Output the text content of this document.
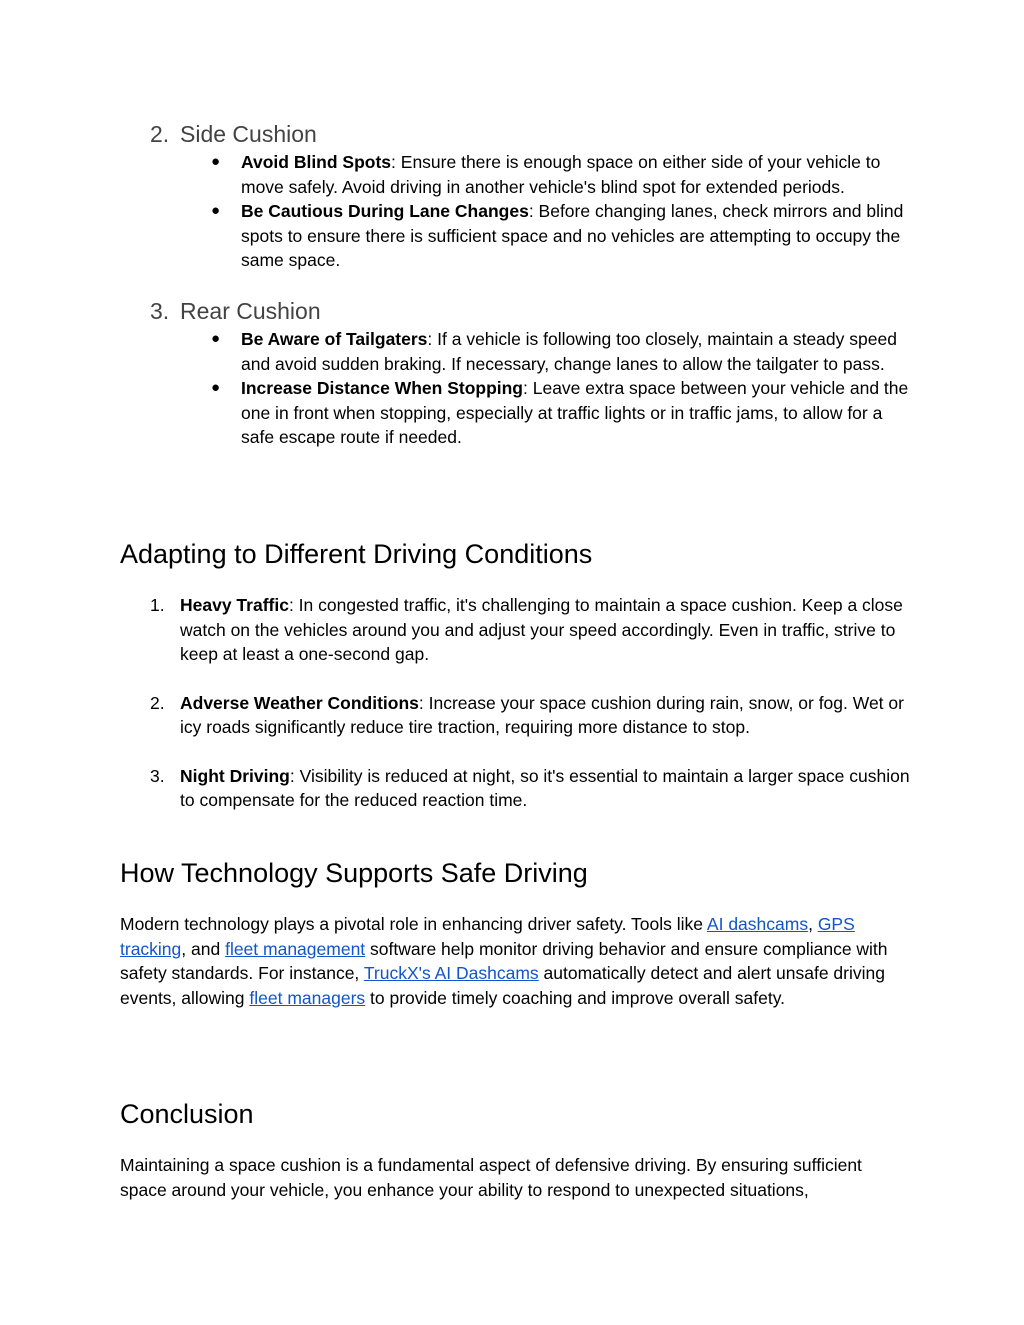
2. Side Cushion
● Avoid Blind Spots: Ensure there is enough space on either side of your vehicle to move safely. Avoid driving in another vehicle's blind spot for extended periods.
● Be Cautious During Lane Changes: Before changing lanes, check mirrors and blind spots to ensure there is sufficient space and no vehicles are attempting to occupy the same space.
3. Rear Cushion
● Be Aware of Tailgaters: If a vehicle is following too closely, maintain a steady speed and avoid sudden braking. If necessary, change lanes to allow the tailgater to pass.
● Increase Distance When Stopping: Leave extra space between your vehicle and the one in front when stopping, especially at traffic lights or in traffic jams, to allow for a safe escape route if needed.
Adapting to Different Driving Conditions
1. Heavy Traffic: In congested traffic, it's challenging to maintain a space cushion. Keep a close watch on the vehicles around you and adjust your speed accordingly. Even in traffic, strive to keep at least a one-second gap.
2. Adverse Weather Conditions: Increase your space cushion during rain, snow, or fog. Wet or icy roads significantly reduce tire traction, requiring more distance to stop.
3. Night Driving: Visibility is reduced at night, so it's essential to maintain a larger space cushion to compensate for the reduced reaction time.
How Technology Supports Safe Driving

Modern technology plays a pivotal role in enhancing driver safety. Tools like AI dashcams, GPS tracking, and fleet management software help monitor driving behavior and ensure compliance with safety standards. For instance, TruckX's AI Dashcams automatically detect and alert unsafe driving events, allowing fleet managers to provide timely coaching and improve overall safety.

Conclusion

Maintaining a space cushion is a fundamental aspect of defensive driving. By ensuring sufficient space around your vehicle, you enhance your ability to respond to unexpected situations,
